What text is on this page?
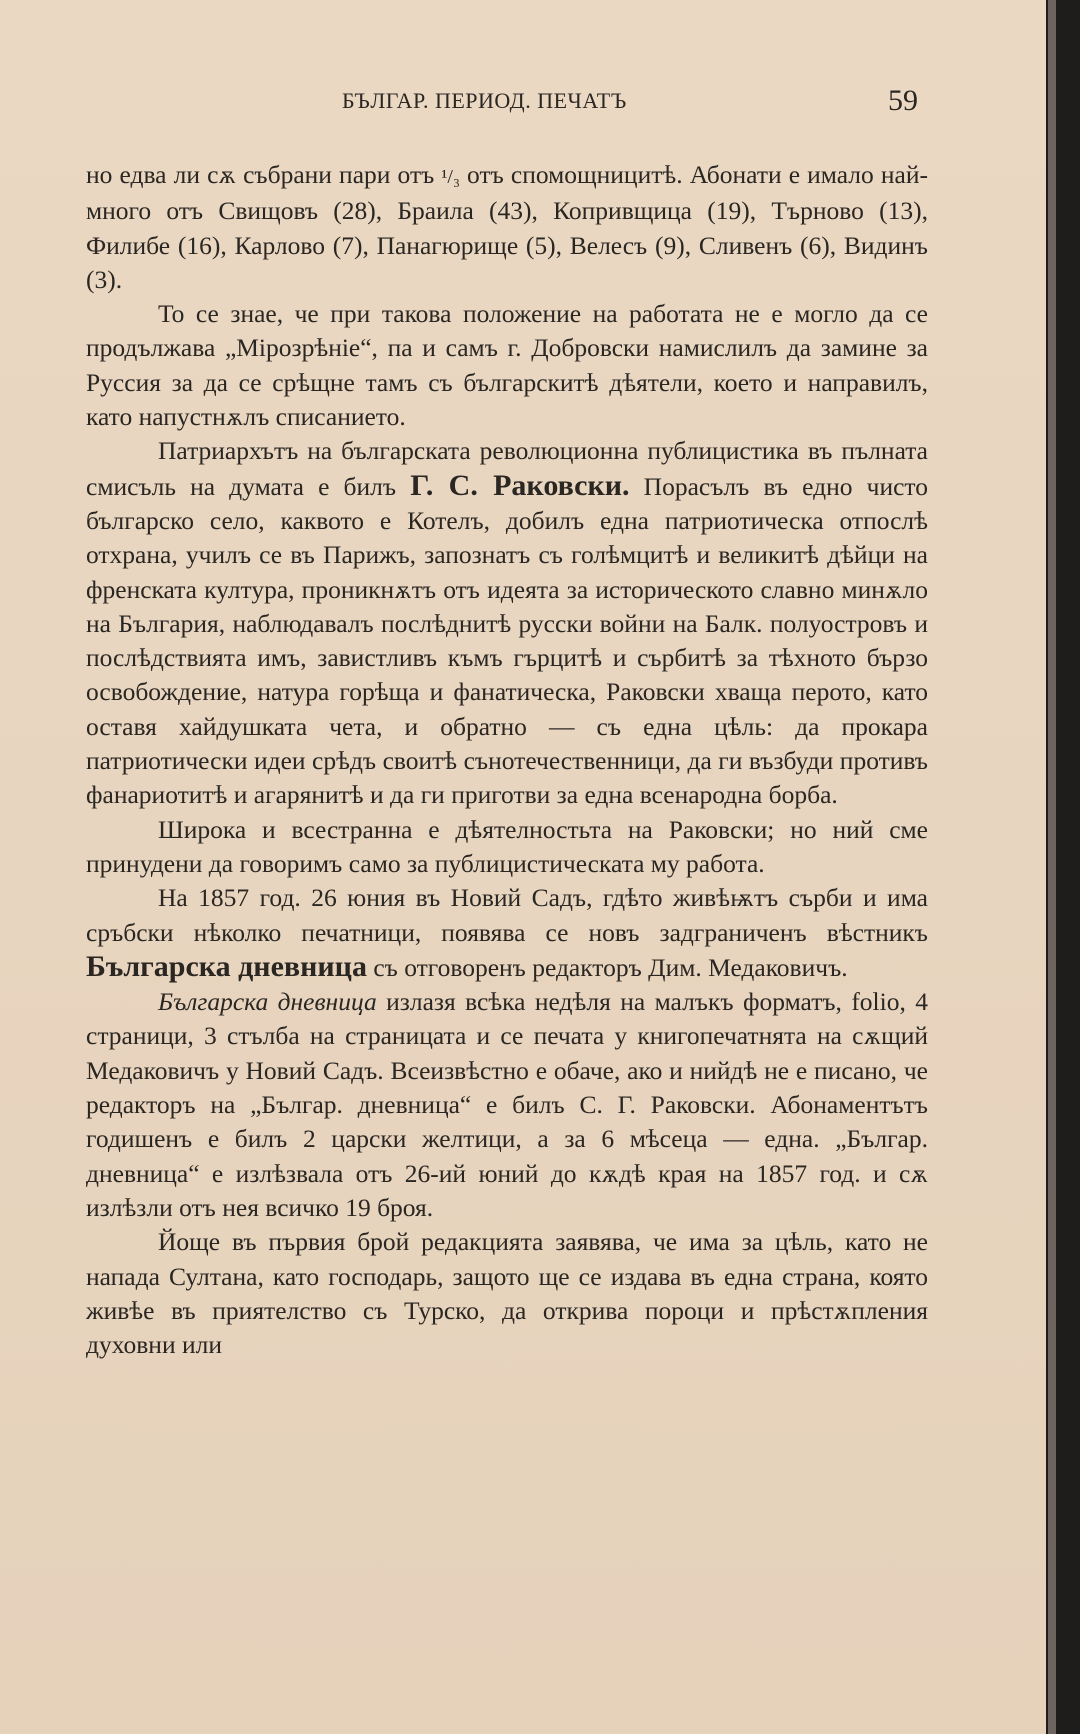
БЪЛГАР. ПЕРИОД. ПЕЧАТЪ	59

но едва ли сѫ събрани пари отъ ¹/₃ отъ спомощницитѣ. Абонати е имало най-много отъ Свищовъ (28), Браила (43), Копривщица (19), Търново (13), Филибе (16), Карлово (7), Панагюрище (5), Велесъ (9), Сливенъ (6), Видинъ (3).

То се знае, че при такова положение на работата не е могло да се продължава „Мірозрѣніе“, па и самъ г. Добровски намислилъ да замине за Руссия за да се срѣщне тамъ съ българскитѣ дѣятели, което и направилъ, като напустнѫлъ списанието.

Патриархътъ на българската революционна публицистика въ пълната смисъль на думата е билъ Г. С. Раковски. Порасълъ въ едно чисто българско село, каквото е Котелъ, добилъ една патриотическа отпослѣ отхрана, училъ се въ Парижъ, запознатъ съ голѣмцитѣ и великитѣ дѣйци на френската култура, проникнѫтъ отъ идеята за историческото славно минѫло на България, наблюдавалъ послѣднитѣ русски войни на Балк. полуостровъ и послѣдствията имъ, завистливъ къмъ гърцитѣ и сърбитѣ за тѣхното бързо освобождение, натура горѣща и фанатическа, Раковски хваща перото, като оставя хайдушката чета, и обратно — съ една цѣль: да прокара патриотически идеи срѣдъ своитѣ сънотечественници, да ги възбуди противъ фанариотитѣ и агарянитѣ и да ги приготви за една всенародна борба.

Широка и всестранна е дѣятелностьта на Раковски; но ний сме принудени да говоримъ само за публицистическата му работа.

На 1857 год. 26 юния въ Новий Садъ, гдѣто живѣѭтъ сърби и има сръбски нѣколко печатници, появява се новъ задграниченъ вѣстникъ Българска дневница съ отговоренъ редакторъ Дим. Медаковичъ.

Българска дневница излазя всѣка недѣля на малъкъ форматъ, folio, 4 страници, 3 стълба на страницата и се печата у книгопечатнята на сѫщий Медаковичъ у Новий Садъ. Всеизвѣстно е обаче, ако и нийдѣ не е писано, че редакторъ на „Българ. дневница“ е билъ С. Г. Раковски. Абонаментътъ годишенъ е билъ 2 царски желтици, а за 6 мѣсеца — една. „Българ. дневница“ е излѣзвала отъ 26-ий юний до кѫдѣ края на 1857 год. и сѫ излѣзли отъ нея всичко 19 броя.

Йоще въ първия брой редакцията заявява, че има за цѣль, като не напада Султана, като господарь, защото ще се издава въ една страна, която живѣе въ приятелство съ Турско, да открива пороци и прѣстѫпления духовни или
